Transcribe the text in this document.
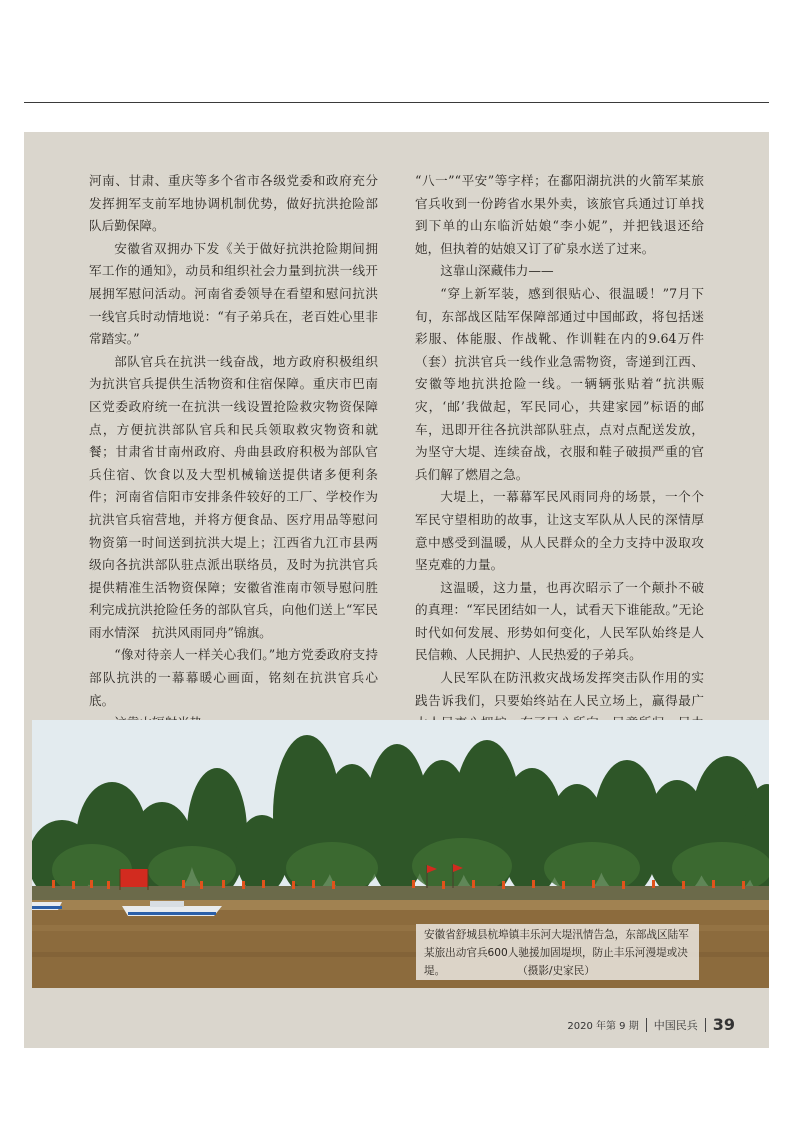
河南、甘肃、重庆等多个省市各级党委和政府充分发挥拥军支前军地协调机制优势，做好抗洪抢险部队后勤保障。

安徽省双拥办下发《关于做好抗洪抢险期间拥军工作的通知》，动员和组织社会力量到抗洪一线开展拥军慰问活动。河南省委领导在看望和慰问抗洪一线官兵时动情地说：“有子弟兵在，老百姓心里非常踏实。”

部队官兵在抗洪一线奋战，地方政府积极组织为抗洪官兵提供生活物资和住宿保障。重庆市巴南区党委政府统一在抗洪一线设置抢险救灾物资保障点，方便抗洪部队官兵和民兵领取救灾物资和就餐；甘肃省甘南州政府、舟曲县政府积极为部队官兵住宿、饮食以及大型机械输送提供诸多便利条件；河南省信阳市安排条件较好的工厂、学校作为抗洪官兵宿营地，并将方便食品、医疗用品等慰问物资第一时间送到抗洪大堤上；江西省九江市县两级向各抗洪部队驻点派出联络员，及时为抗洪官兵提供精准生活物资保障；安徽省淮南市领导慰问胜利完成抗洪抢险任务的部队官兵，向他们送上“军民雨水情深　抗洪风雨同舟”锦旗。

“像对待亲人一样关心我们。”地方党委政府支持部队抗洪的一幕幕暖心画面，铭刻在抗洪官兵心底。

“八一”“平安”等字样；在鄱阳湖抗洪的火箭军某旅官兵收到一份跨省水果外卖，该旅官兵通过订单找到下单的山东临沂姑娘“李小妮”，并把钱退还给她，但执着的姑娘又订了矿泉水送了过来。

这靠山深藏伟力——

“穿上新军装，感到很贴心、很温暖！”7月下旬，东部战区陆军保障部通过中国邮政，将包括迷彩服、体能服、作战靴、作训鞋在内的9.64万件（套）抗洪官兵一线作业急需物资，寄递到江西、安徽等地抗洪抢险一线。一辆辆张贴着“抗洪赈灾，‘邮’我做起，军民同心，共建家园”标语的邮车，迅即开往各抗洪部队驻点，点对点配送发放，为坚守大堤、连续奋战，衣服和鞋子破损严重的官兵们解了燃眉之急。

大堤上，一幕幕军民风雨同舟的场景，一个个军民守望相助的故事，让这支军队从人民的深情厚意中感受到温暖，从人民群众的全力支持中汲取攻坚克难的力量。

这温暖，这力量，也再次昭示了一个颠扑不破的真理：“军民团结如一人，试看天下谁能敌。”无论时代如何发展、形势如何变化，人民军队始终是人民信赖、人民拥护、人民热爱的子弟兵。

人民军队在防汛救灾战场发挥突击队作用的实践告诉我们，只要始终站在人民立场上，赢得最广

安徽省舒城县杭埠镇丰乐河大堤汛情告急，东部战区陆军某旅出动官兵600人驰援加固堤坝，防止丰乐河漫堤或决堤。	（摄影/史家民）
2020 年第 9 期 中国民兵 39
